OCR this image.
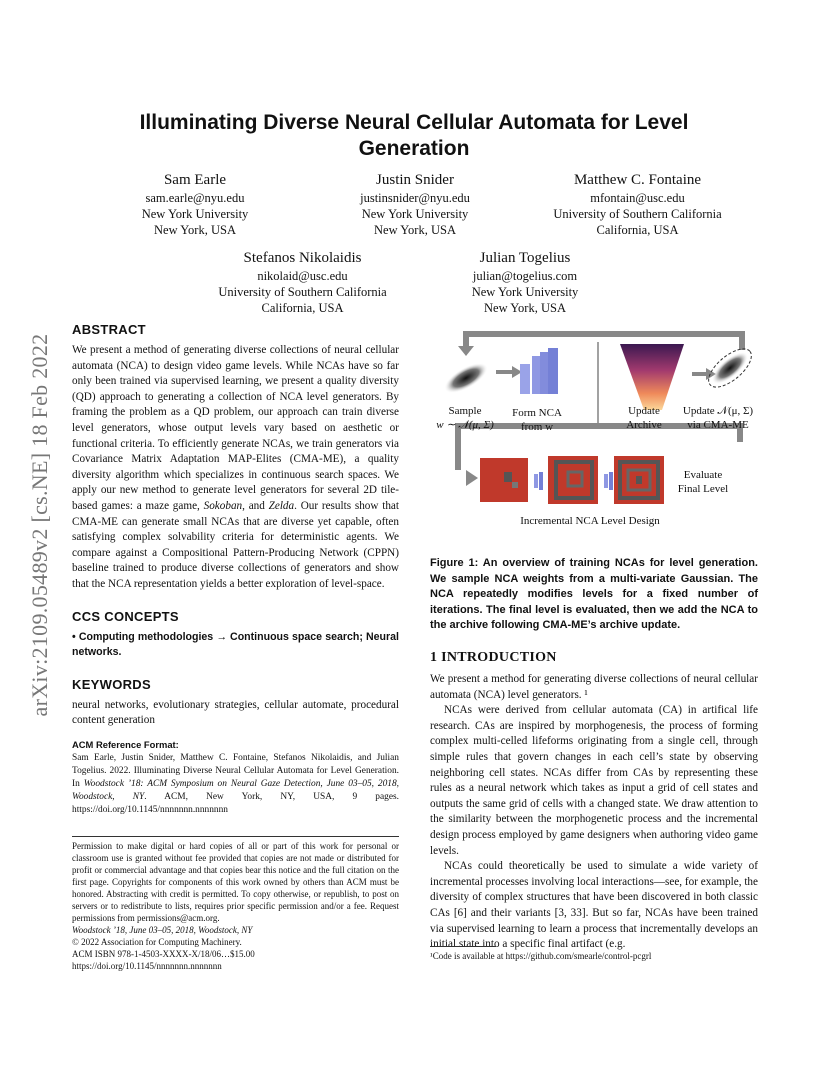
arXiv:2109.05489v2 [cs.NE] 18 Feb 2022
Illuminating Diverse Neural Cellular Automata for Level Generation
Sam Earle
sam.earle@nyu.edu
New York University
New York, USA
Justin Snider
justinsnider@nyu.edu
New York University
New York, USA
Matthew C. Fontaine
mfontain@usc.edu
University of Southern California
California, USA
Stefanos Nikolaidis
nikolaid@usc.edu
University of Southern California
California, USA
Julian Togelius
julian@togelius.com
New York University
New York, USA
ABSTRACT
We present a method of generating diverse collections of neural cellular automata (NCA) to design video game levels. While NCAs have so far only been trained via supervised learning, we present a quality diversity (QD) approach to generating a collection of NCA level generators. By framing the problem as a QD problem, our approach can train diverse level generators, whose output levels vary based on aesthetic or functional criteria. To efficiently generate NCAs, we train generators via Covariance Matrix Adaptation MAP-Elites (CMA-ME), a quality diversity algorithm which specializes in continuous search spaces. We apply our new method to generate level generators for several 2D tile-based games: a maze game, Sokoban, and Zelda. Our results show that CMA-ME can generate small NCAs that are diverse yet capable, often satisfying complex solvability criteria for deterministic agents. We compare against a Compositional Pattern-Producing Network (CPPN) baseline trained to produce diverse collections of generators and show that the NCA representation yields a better exploration of level-space.
CCS CONCEPTS
• Computing methodologies → Continuous space search; Neural networks.
KEYWORDS
neural networks, evolutionary strategies, cellular automate, procedural content generation
ACM Reference Format:
Sam Earle, Justin Snider, Matthew C. Fontaine, Stefanos Nikolaidis, and Julian Togelius. 2022. Illuminating Diverse Neural Cellular Automata for Level Generation. In Woodstock ’18: ACM Symposium on Neural Gaze Detection, June 03–05, 2018, Woodstock, NY. ACM, New York, NY, USA, 9 pages. https://doi.org/10.1145/nnnnnnn.nnnnnnn
Permission to make digital or hard copies of all or part of this work for personal or classroom use is granted without fee provided that copies are not made or distributed for profit or commercial advantage and that copies bear this notice and the full citation on the first page. Copyrights for components of this work owned by others than ACM must be honored. Abstracting with credit is permitted. To copy otherwise, or republish, to post on servers or to redistribute to lists, requires prior specific permission and/or a fee. Request permissions from permissions@acm.org.
Woodstock ’18, June 03–05, 2018, Woodstock, NY
© 2022 Association for Computing Machinery.
ACM ISBN 978-1-4503-XXXX-X/18/06…$15.00
https://doi.org/10.1145/nnnnnnn.nnnnnnn
Sample
w ∼ 𝒩(μ, Σ)
Form NCA
from w
Update
Archive
Update 𝒩(μ, Σ)
via CMA-ME
Evaluate
Final Level
Incremental NCA Level Design
Figure 1: An overview of training NCAs for level generation. We sample NCA weights from a multi-variate Gaussian. The NCA repeatedly modifies levels for a fixed number of iterations. The final level is evaluated, then we add the NCA to the archive following CMA-ME’s archive update.
1 INTRODUCTION
We present a method for generating diverse collections of neural cellular automata (NCA) level generators. ¹
NCAs were derived from cellular automata (CA) in artifical life research. CAs are inspired by morphogenesis, the process of forming complex multi-celled lifeforms originating from a single cell, through simple rules that govern changes in each cell’s state by observing neighboring cell states. NCAs differ from CAs by representing these rules as a neural network which takes as input a grid of cell states and outputs the same grid of cells with a changed state. We draw attention to the similarity between the morphogenetic process and the incremental design process employed by game designers when authoring video game levels.
NCAs could theoretically be used to simulate a wide variety of incremental processes involving local interactions—see, for example, the diversity of complex structures that have been discovered in both classic CAs [6] and their variants [3, 33]. But so far, NCAs have been trained via supervised learning to learn a process that incrementally develops an initial state into a specific final artifact (e.g.
¹Code is available at https://github.com/smearle/control-pcgrl
